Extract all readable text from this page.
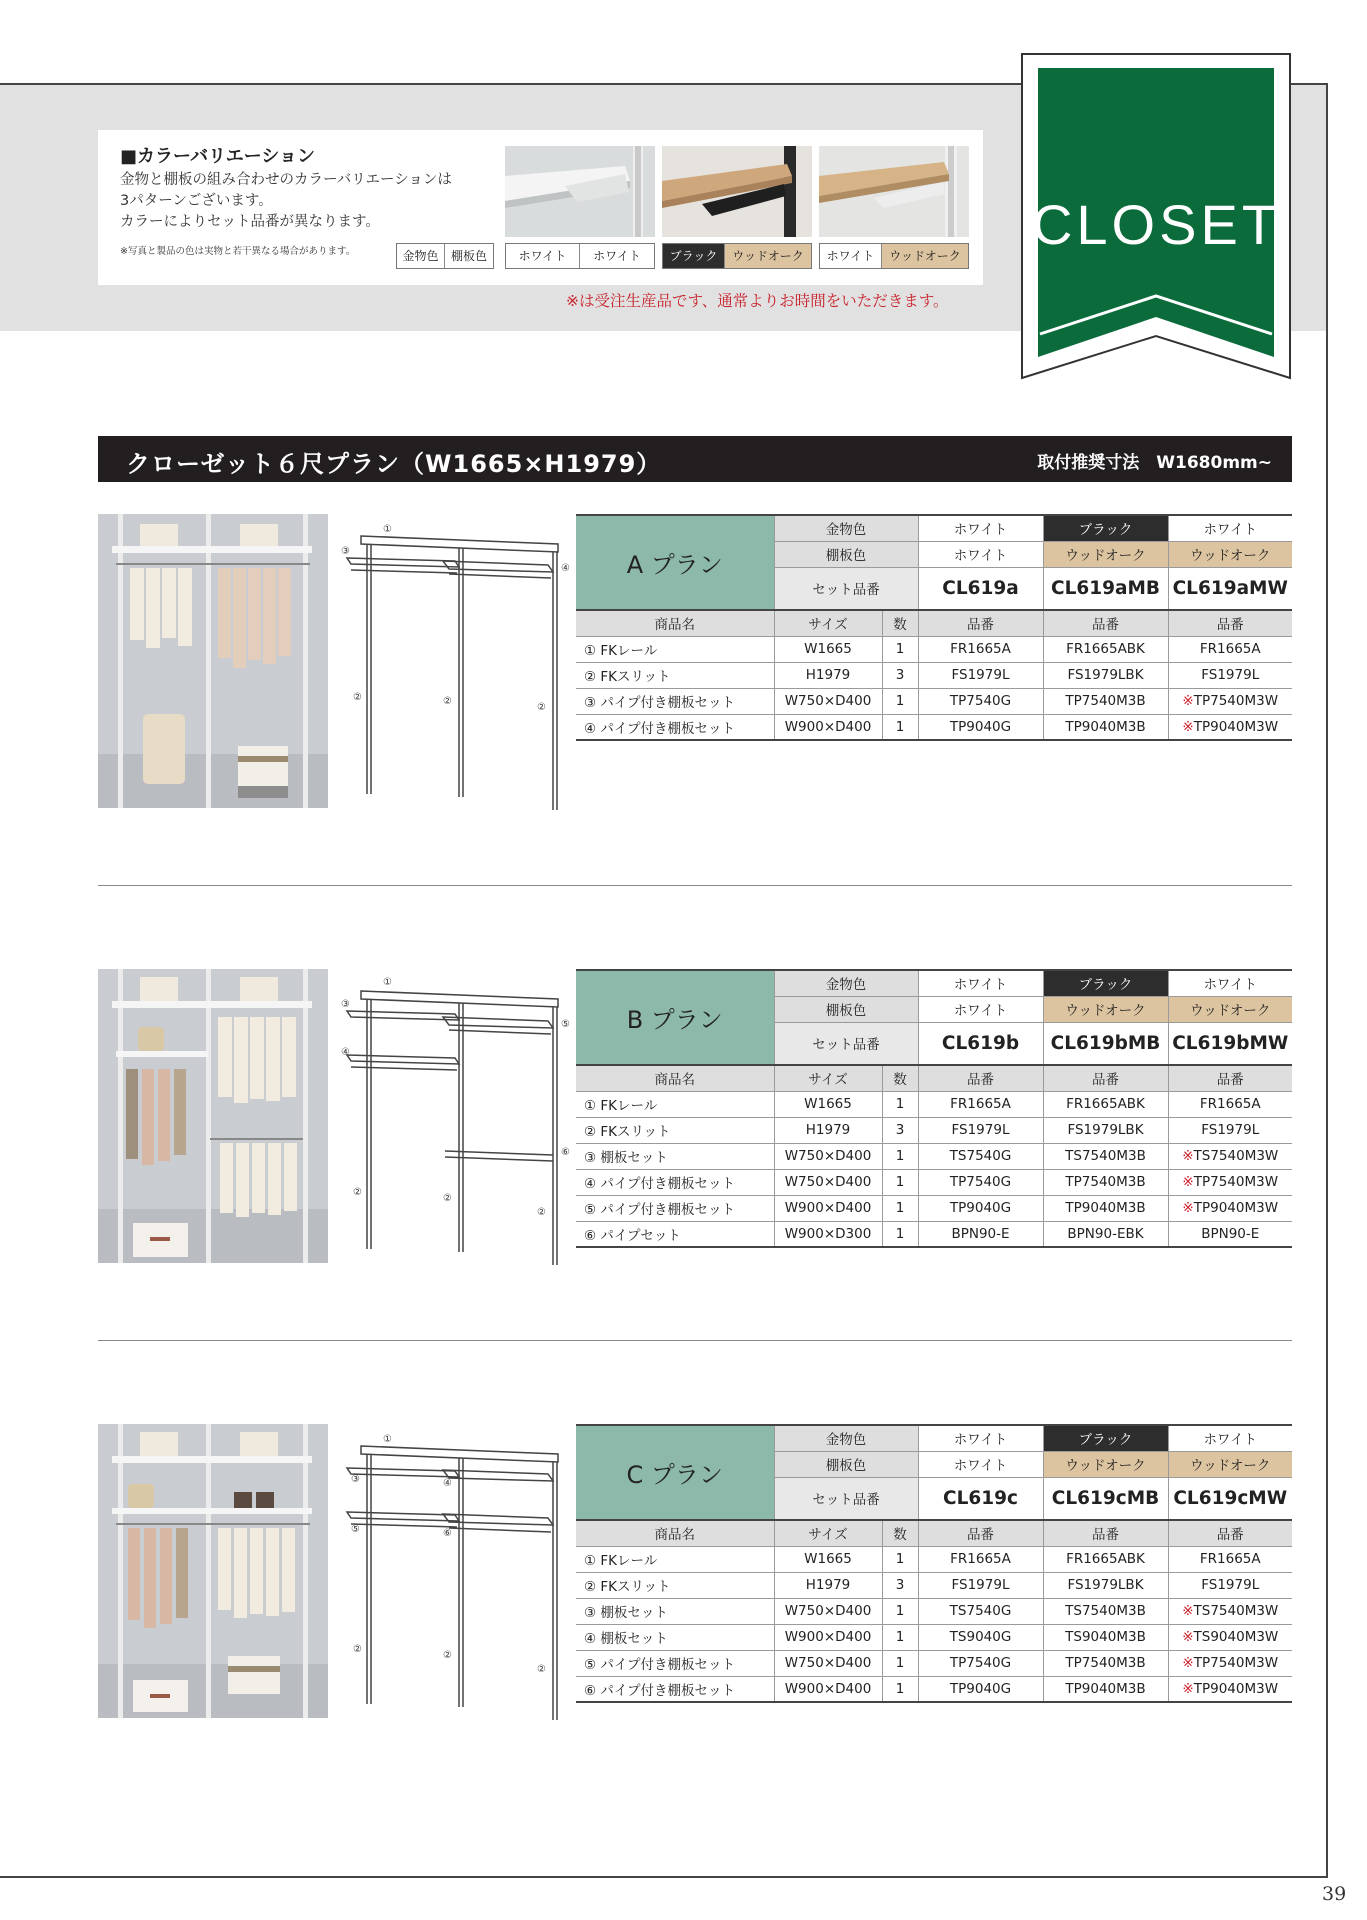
39
■カラーバリエーション
金物と棚板の組み合わせのカラーバリエーションは
3パターンございます。
カラーによりセット品番が異なります。
※写真と製品の色は実物と若干異なる場合があります。	金物色	棚板色	ホワイト	ホワイト	ブラック	ウッドオーク	ホワイト	ウッドオーク
※は受注生産品です、通常よりお時間をいただきます。
CLOSET
クローゼット６尺プラン（W1665×H1979）	取付推奨寸法　W1680mm~
①
③
④
②	②
②
A プラン	金物色		ホワイト	ブラック	ホワイト
	棚板色		ホワイト	ウッドオーク	ウッドオーク
	セット品番		CL619a	CL619aMB	CL619aMW
商品名	サイズ	数	品番	品番	品番
① FKレール	W1665	1	FR1665A	FR1665ABK	FR1665A
② FKスリット	H1979	3	FS1979L	FS1979LBK	FS1979L
③ パイプ付き棚板セット	W750×D400	1	TP7540G	TP7540M3B	※TP7540M3W
④ パイプ付き棚板セット	W900×D400	1	TP9040G	TP9040M3B	※TP9040M3W
①
③
⑤
④
⑥
②
②
②
B プラン	金物色		ホワイト	ブラック	ホワイト
	棚板色		ホワイト	ウッドオーク	ウッドオーク
	セット品番		CL619b	CL619bMB	CL619bMW
商品名	サイズ	数	品番	品番	品番
① FKレール	W1665	1	FR1665A	FR1665ABK	FR1665A
② FKスリット	H1979	3	FS1979L	FS1979LBK	FS1979L
③ 棚板セット	W750×D400	1	TS7540G	TS7540M3B	※TS7540M3W
④ パイプ付き棚板セット	W750×D400	1	TP7540G	TP7540M3B	※TP7540M3W
⑤ パイプ付き棚板セット	W900×D400	1	TP9040G	TP9040M3B	※TP9040M3W
⑥ パイプセット	W900×D300	1	BPN90-E	BPN90-EBK	BPN90-E
①
③	④
⑤	⑥
②
②
②
C プラン	金物色		ホワイト	ブラック	ホワイト
	棚板色		ホワイト	ウッドオーク	ウッドオーク
	セット品番		CL619c	CL619cMB	CL619cMW
商品名	サイズ	数	品番	品番	品番
① FKレール	W1665	1	FR1665A	FR1665ABK	FR1665A
② FKスリット	H1979	3	FS1979L	FS1979LBK	FS1979L
③ 棚板セット	W750×D400	1	TS7540G	TS7540M3B	※TS7540M3W
④ 棚板セット	W900×D400	1	TS9040G	TS9040M3B	※TS9040M3W
⑤ パイプ付き棚板セット	W750×D400	1	TP7540G	TP7540M3B	※TP7540M3W
⑥ パイプ付き棚板セット	W900×D400	1	TP9040G	TP9040M3B	※TP9040M3W
